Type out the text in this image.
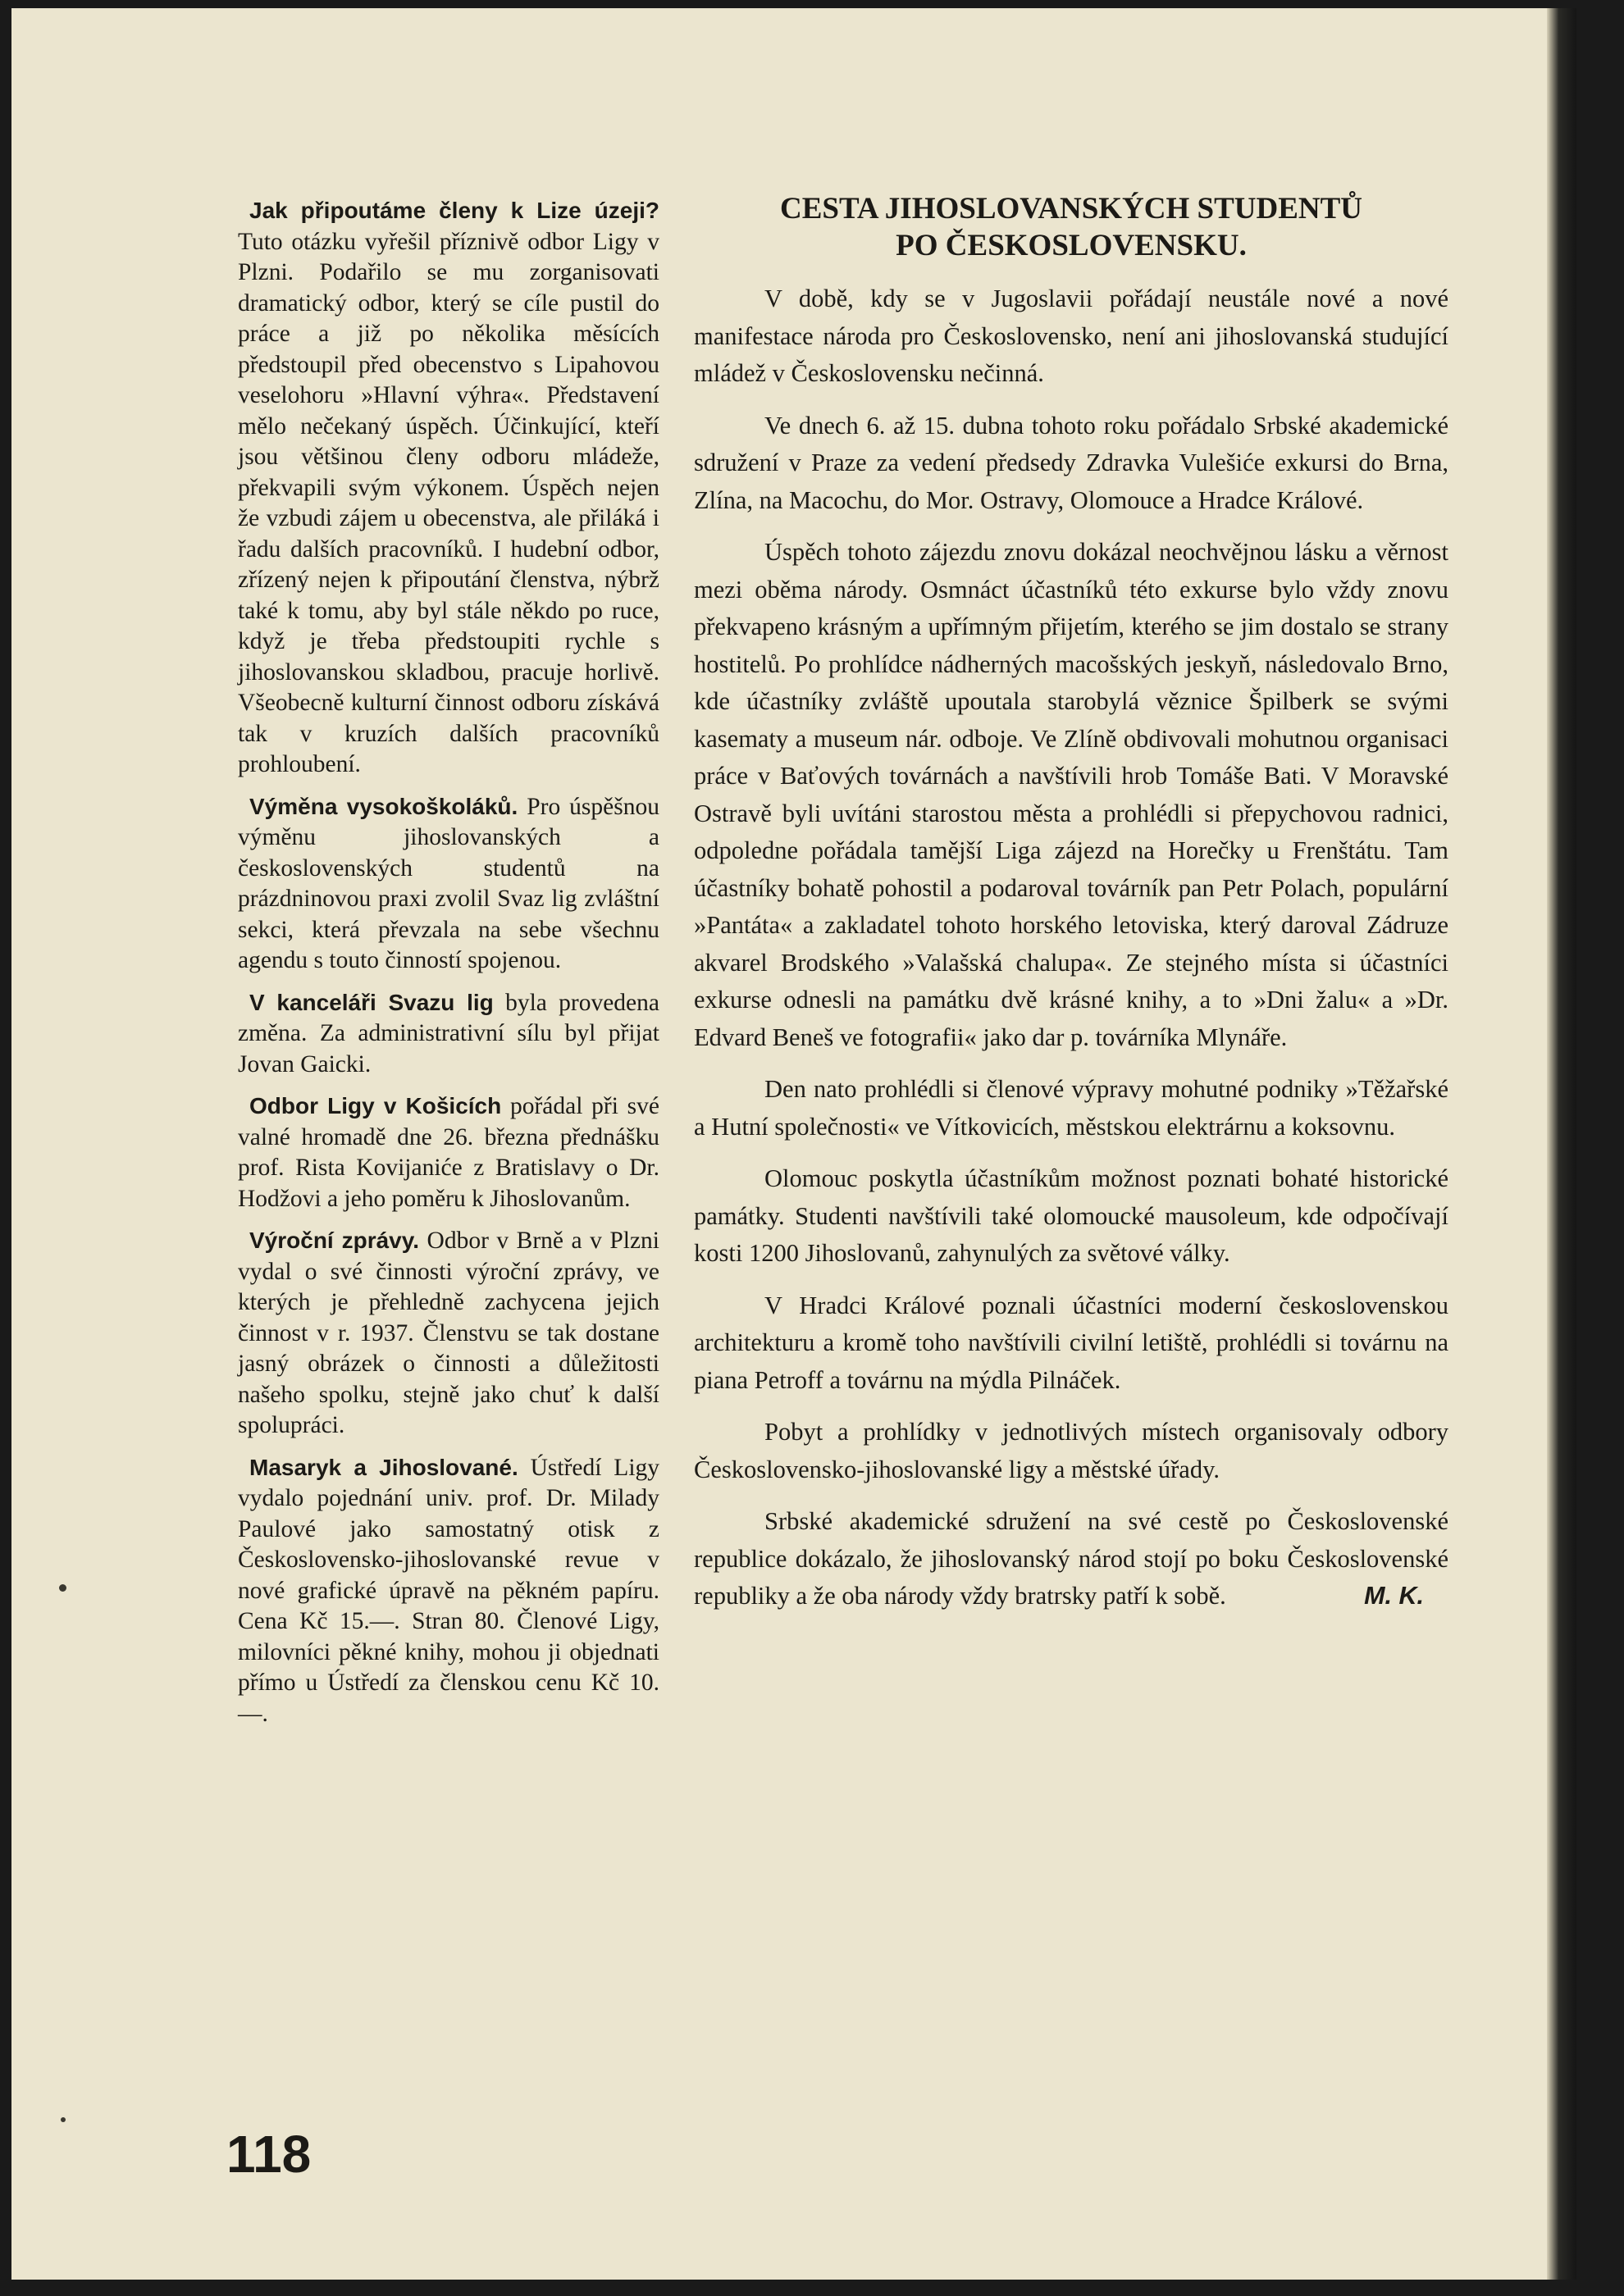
Jak připoutáme členy k Lize úzeji? Tuto otázku vyřešil příznivě odbor Ligy v Plzni. Podařilo se mu zorganisovati dramatický odbor, který se cíle pustil do práce a již po několika měsících předstoupil před obecenstvo s Lipahovou veselohoru »Hlavní výhra«. Představení mělo nečekaný úspěch. Účinkující, kteří jsou většinou členy odboru mládeže, překvapili svým výkonem. Úspěch nejen že vzbudi zájem u obecenstva, ale přiláká i řadu dalších pracovníků. I hudební odbor, zřízený nejen k připoutání členstva, nýbrž také k tomu, aby byl stále někdo po ruce, když je třeba předstoupiti rychle s jihoslovanskou skladbou, pracuje horlivě. Všeobecně kulturní činnost odboru získává tak v kruzích dalších pracovníků prohloubení.

Výměna vysokoškoláků. Pro úspěšnou výměnu jihoslovanských a československých studentů na prázdninovou praxi zvolil Svaz lig zvláštní sekci, která převzala na sebe všechnu agendu s touto činností spojenou.

V kanceláři Svazu lig byla provedena změna. Za administrativní sílu byl přijat Jovan Gaicki.

Odbor Ligy v Košicích pořádal při své valné hromadě dne 26. března přednášku prof. Rista Kovijaniće z Bratislavy o Dr. Hodžovi a jeho poměru k Jihoslovanům.

Výroční zprávy. Odbor v Brně a v Plzni vydal o své činnosti výroční zprávy, ve kterých je přehledně zachycena jejich činnost v r. 1937. Členstvu se tak dostane jasný obrázek o činnosti a důležitosti našeho spolku, stejně jako chuť k další spolupráci.

Masaryk a Jihoslované. Ústředí Ligy vydalo pojednání univ. prof. Dr. Milady Paulové jako samostatný otisk z Československo-jihoslovanské revue v nové grafické úpravě na pěkném papíru. Cena Kč 15.—. Stran 80. Členové Ligy, milovníci pěkné knihy, mohou ji objednati přímo u Ústředí za členskou cenu Kč 10.—.

CESTA JIHOSLOVANSKÝCH STUDENTŮ
PO ČESKOSLOVENSKU.

V době, kdy se v Jugoslavii pořádají neustále nové a nové manifestace národa pro Československo, není ani jihoslovanská studující mládež v Československu nečinná.

Ve dnech 6. až 15. dubna tohoto roku pořádalo Srbské akademické sdružení v Praze za vedení předsedy Zdravka Vulešiće exkursi do Brna, Zlína, na Macochu, do Mor. Ostravy, Olomouce a Hradce Králové.

Úspěch tohoto zájezdu znovu dokázal neochvějnou lásku a věrnost mezi oběma národy. Osmnáct účastníků této exkurse bylo vždy znovu překvapeno krásným a upřímným přijetím, kterého se jim dostalo se strany hostitelů. Po prohlídce nádherných macošských jeskyň, následovalo Brno, kde účastníky zvláště upoutala starobylá věznice Špilberk se svými kasematy a museum nár. odboje. Ve Zlíně obdivovali mohutnou organisaci práce v Baťových továrnách a navštívili hrob Tomáše Bati. V Moravské Ostravě byli uvítáni starostou města a prohlédli si přepychovou radnici, odpoledne pořádala tamější Liga zájezd na Horečky u Frenštátu. Tam účastníky bohatě pohostil a podaroval továrník pan Petr Polach, populární »Pantáta« a zakladatel tohoto horského letoviska, který daroval Zádruze akvarel Brodského »Valašská chalupa«. Ze stejného místa si účastníci exkurse odnesli na památku dvě krásné knihy, a to »Dni žalu« a »Dr. Edvard Beneš ve fotografii« jako dar p. továrníka Mlynáře.

Den nato prohlédli si členové výpravy mohutné podniky »Těžařské a Hutní společnosti« ve Vítkovicích, městskou elektrárnu a koksovnu.

Olomouc poskytla účastníkům možnost poznati bohaté historické památky. Studenti navštívili také olomoucké mausoleum, kde odpočívají kosti 1200 Jihoslovanů, zahynulých za světové války.

V Hradci Králové poznali účastníci moderní československou architekturu a kromě toho navštívili civilní letiště, prohlédli si továrnu na piana Petroff a továrnu na mýdla Pilnáček.

Pobyt a prohlídky v jednotlivých místech organisovaly odbory Československo-jihoslovanské ligy a městské úřady.

Srbské akademické sdružení na své cestě po Československé republice dokázalo, že jihoslovanský národ stojí po boku Československé republiky a že oba národy vždy bratrsky patří k sobě.	M. K.

118
